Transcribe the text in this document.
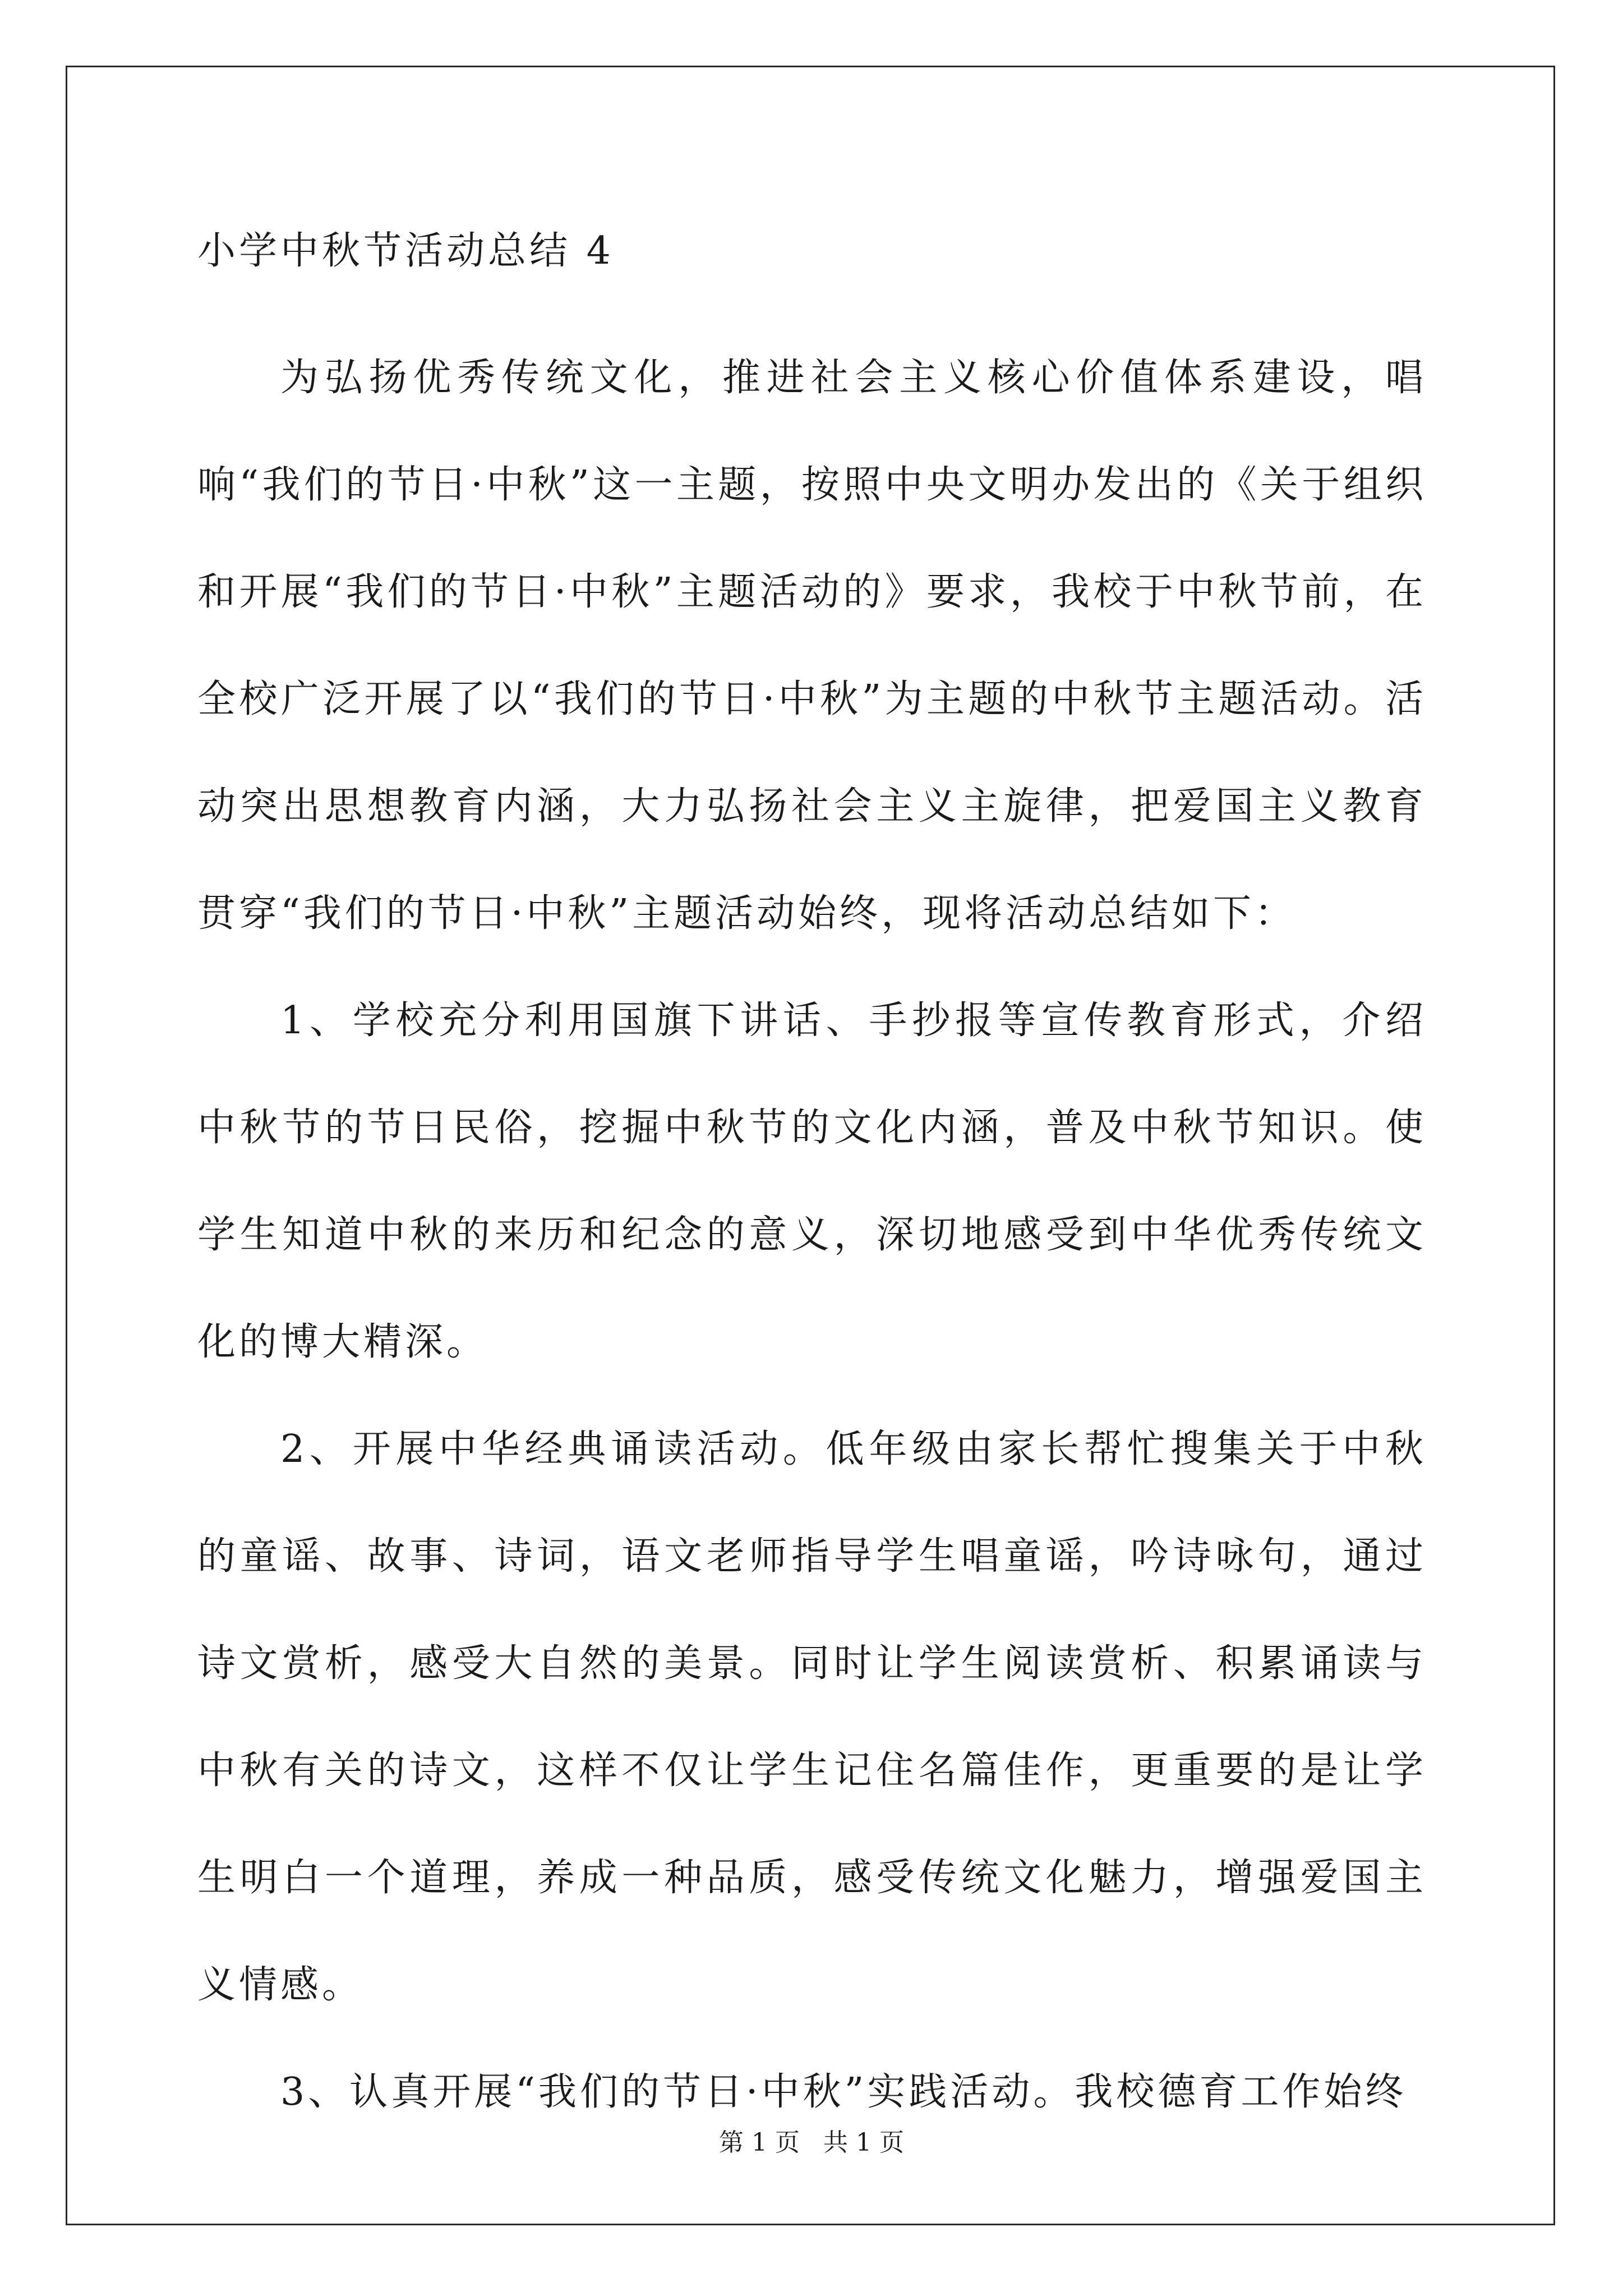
小学中秋节活动总结 4

为弘扬优秀传统文化，推进社会主义核心价值体系建设，唱响“我们的节日·中秋”这一主题，按照中央文明办发出的《关于组织和开展“我们的节日·中秋”主题活动的》要求，我校于中秋节前，在全校广泛开展了以“我们的节日·中秋”为主题的中秋节主题活动。活动突出思想教育内涵，大力弘扬社会主义主旋律，把爱国主义教育贯穿“我们的节日·中秋”主题活动始终，现将活动总结如下：

1、学校充分利用国旗下讲话、手抄报等宣传教育形式，介绍中秋节的节日民俗，挖掘中秋节的文化内涵，普及中秋节知识。使学生知道中秋的来历和纪念的意义，深切地感受到中华优秀传统文化的博大精深。

2、开展中华经典诵读活动。低年级由家长帮忙搜集关于中秋的童谣、故事、诗词，语文老师指导学生唱童谣，吟诗咏句，通过诗文赏析，感受大自然的美景。同时让学生阅读赏析、积累诵读与中秋有关的诗文，这样不仅让学生记住名篇佳作，更重要的是让学生明白一个道理，养成一种品质，感受传统文化魅力，增强爱国主义情感。

3、认真开展“我们的节日·中秋”实践活动。我校德育工作始终

第 1 页   共 1 页
